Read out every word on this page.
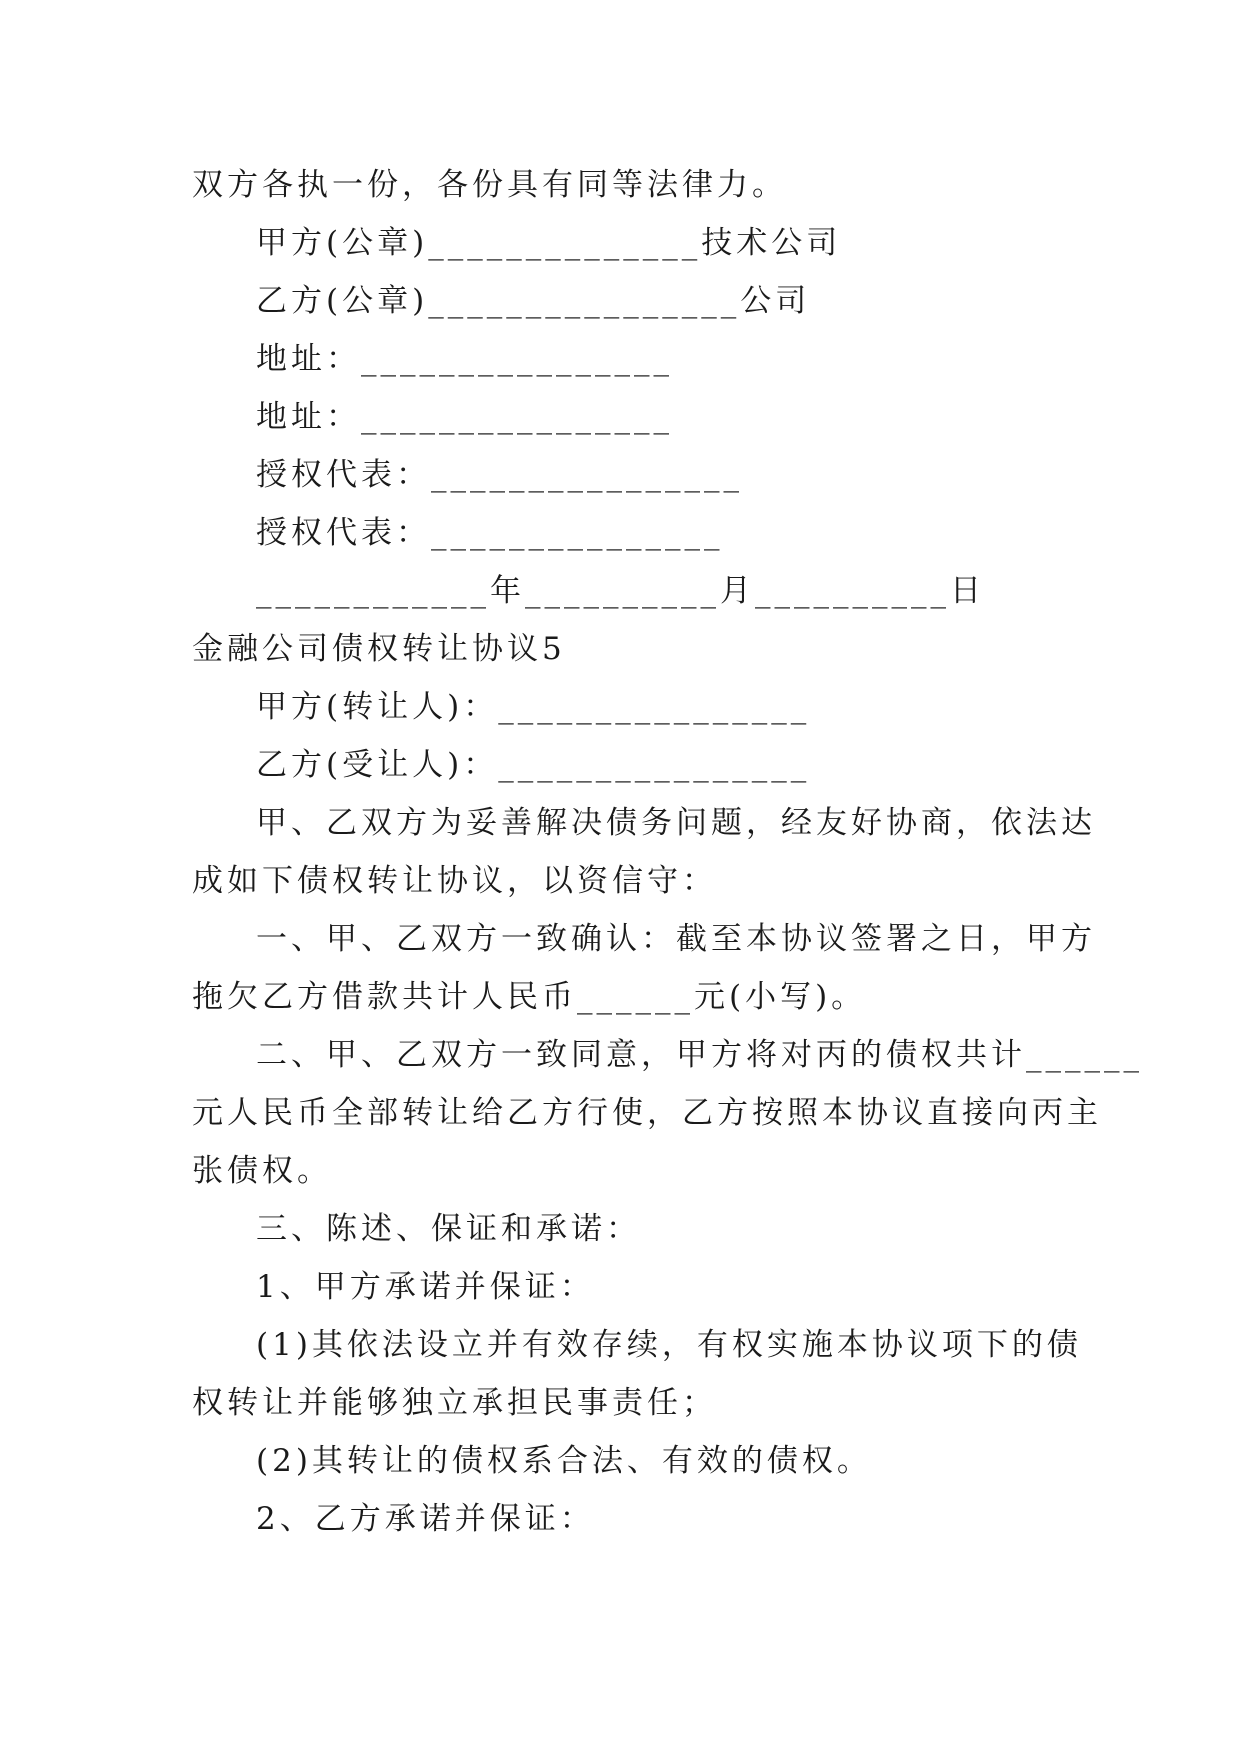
双方各执一份，各份具有同等法律力。
甲方(公章)______________技术公司
乙方(公章)________________公司
地址：________________
地址：________________
授权代表：________________
授权代表：_______________
____________年__________月__________日
金融公司债权转让协议5
甲方(转让人)：________________
乙方(受让人)：________________
甲、乙双方为妥善解决债务问题，经友好协商，依法达
成如下债权转让协议，以资信守：
一、甲、乙双方一致确认：截至本协议签署之日，甲方
拖欠乙方借款共计人民币______元(小写)。
二、甲、乙双方一致同意，甲方将对丙的债权共计______
元人民币全部转让给乙方行使，乙方按照本协议直接向丙主
张债权。
三、陈述、保证和承诺：
1、甲方承诺并保证：
(1)其依法设立并有效存续，有权实施本协议项下的债
权转让并能够独立承担民事责任；
(2)其转让的债权系合法、有效的债权。
2、乙方承诺并保证：
